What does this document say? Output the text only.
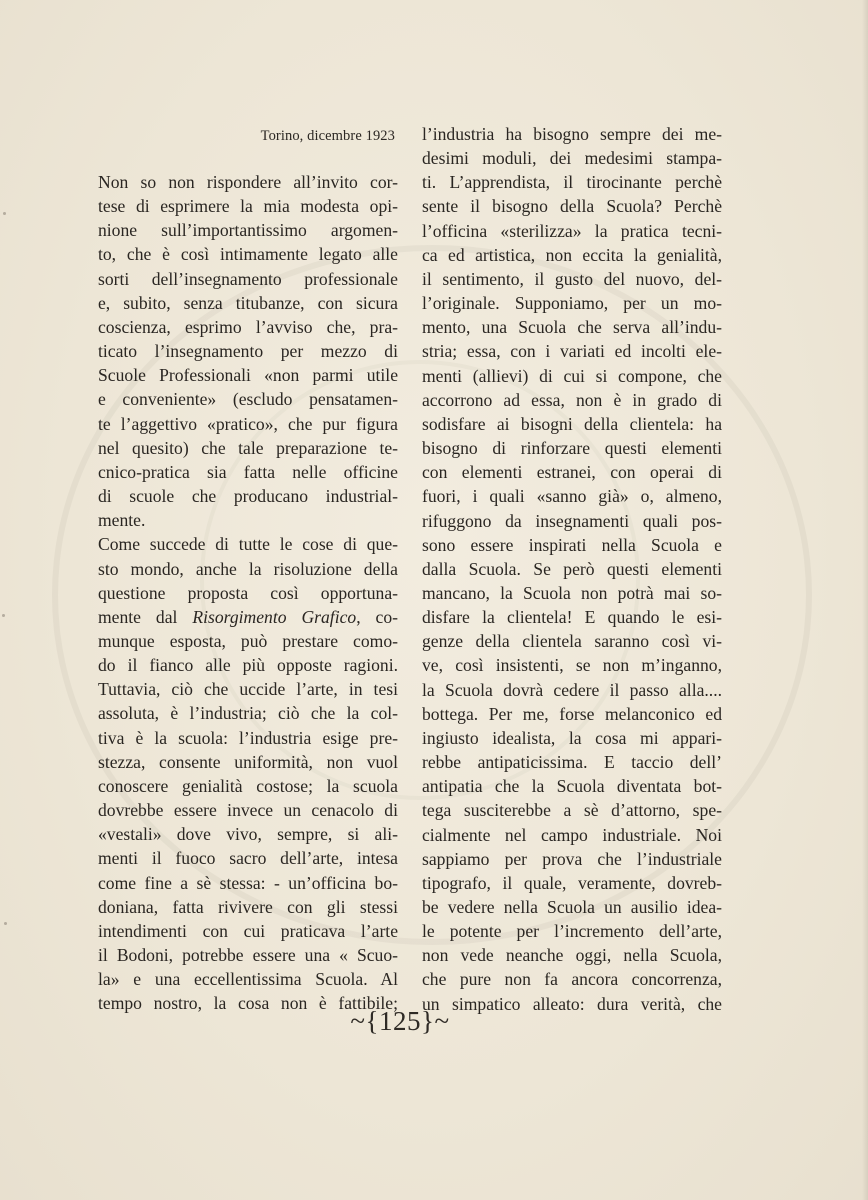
Torino, dicembre 1923
Non so non rispondere all’invito cor-
tese di esprimere la mia modesta opi-
nione sull’importantissimo argomen-
to, che è così intimamente legato alle
sorti dell’insegnamento professionale
e, subito, senza titubanze, con sicura
coscienza, esprimo l’avviso che, pra-
ticato l’insegnamento per mezzo di
Scuole Professionali «non parmi utile
e conveniente» (escludo pensatamen-
te l’aggettivo «pratico», che pur figura
nel quesito) che tale preparazione te-
cnico-pratica sia fatta nelle officine
di scuole che producano industrial-
mente.
Come succede di tutte le cose di que-
sto mondo, anche la risoluzione della
questione proposta così opportuna-
mente dal Risorgimento Grafico, co-
munque esposta, può prestare como-
do il fianco alle più opposte ragioni.
Tuttavia, ciò che uccide l’arte, in tesi
assoluta, è l’industria; ciò che la col-
tiva è la scuola: l’industria esige pre-
stezza, consente uniformità, non vuol
conoscere genialità costose; la scuola
dovrebbe essere invece un cenacolo di
«vestali» dove vivo, sempre, si ali-
menti il fuoco sacro dell’arte, intesa
come fine a sè stessa: - un’officina bo-
doniana, fatta rivivere con gli stessi
intendimenti con cui praticava l’arte
il Bodoni, potrebbe essere una « Scuo-
la» e una eccellentissima Scuola. Al
tempo nostro, la cosa non è fattibile;
l’industria ha bisogno sempre dei me-
desimi moduli, dei medesimi stampa-
ti. L’apprendista, il tirocinante perchè
sente il bisogno della Scuola? Perchè
l’officina «sterilizza» la pratica tecni-
ca ed artistica, non eccita la genialità,
il sentimento, il gusto del nuovo, del-
l’originale. Supponiamo, per un mo-
mento, una Scuola che serva all’indu-
stria; essa, con i variati ed incolti ele-
menti (allievi) di cui si compone, che
accorrono ad essa, non è in grado di
sodisfare ai bisogni della clientela: ha
bisogno di rinforzare questi elementi
con elementi estranei, con operai di
fuori, i quali «sanno già» o, almeno,
rifuggono da insegnamenti quali pos-
sono essere inspirati nella Scuola e
dalla Scuola. Se però questi elementi
mancano, la Scuola non potrà mai so-
disfare la clientela! E quando le esi-
genze della clientela saranno così vi-
ve, così insistenti, se non m’inganno,
la Scuola dovrà cedere il passo alla....
bottega. Per me, forse melanconico ed
ingiusto idealista, la cosa mi appari-
rebbe antipaticissima. E taccio dell’
antipatia che la Scuola diventata bot-
tega susciterebbe a sè d’attorno, spe-
cialmente nel campo industriale. Noi
sappiamo per prova che l’industriale
tipografo, il quale, veramente, dovreb-
be vedere nella Scuola un ausilio idea-
le potente per l’incremento dell’arte,
non vede neanche oggi, nella Scuola,
che pure non fa ancora concorrenza,
un simpatico alleato: dura verità, che
~{125}~
